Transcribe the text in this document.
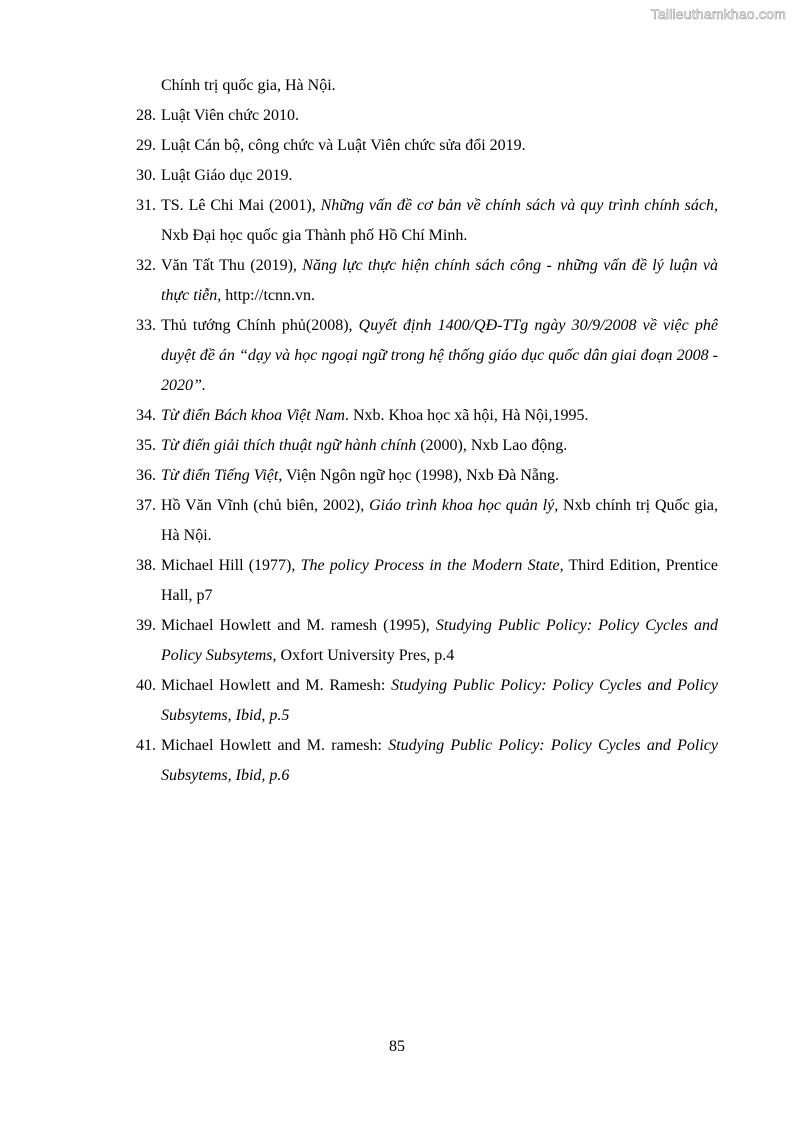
Tailieuthamkhao.com
Chính trị quốc gia, Hà Nội.
28. Luật Viên chức 2010.
29. Luật Cán bộ, công chức và Luật Viên chức sửa đổi 2019.
30. Luật Giáo dục 2019.
31. TS. Lê Chi Mai (2001), Những vấn đề cơ bản về chính sách và quy trình chính sách, Nxb Đại học quốc gia Thành phố Hồ Chí Minh.
32. Văn Tất Thu (2019), Năng lực thực hiện chính sách công - những vấn đề lý luận và thực tiễn, http://tcnn.vn.
33. Thủ tướng Chính phủ(2008), Quyết định 1400/QĐ-TTg ngày 30/9/2008 về việc phê duyệt đề án “dạy và học ngoại ngữ trong hệ thống giáo dục quốc dân giai đoạn 2008 - 2020”.
34. Từ điển Bách khoa Việt Nam. Nxb. Khoa học xã hội, Hà Nội,1995.
35. Từ điển giải thích thuật ngữ hành chính (2000), Nxb Lao động.
36. Từ điển Tiếng Việt, Viện Ngôn ngữ học (1998), Nxb Đà Nẵng.
37. Hồ Văn Vĩnh (chủ biên, 2002), Giáo trình khoa học quản lý, Nxb chính trị Quốc gia, Hà Nội.
38. Michael Hill (1977), The policy Process in the Modern State, Third Edition, Prentice Hall, p7
39. Michael Howlett and M. ramesh (1995), Studying Public Policy: Policy Cycles and Policy Subsytems, Oxfort University Pres, p.4
40. Michael Howlett and M. Ramesh: Studying Public Policy: Policy Cycles and Policy Subsytems, Ibid, p.5
41. Michael Howlett and M. ramesh: Studying Public Policy: Policy Cycles and Policy Subsytems, Ibid, p.6
85
